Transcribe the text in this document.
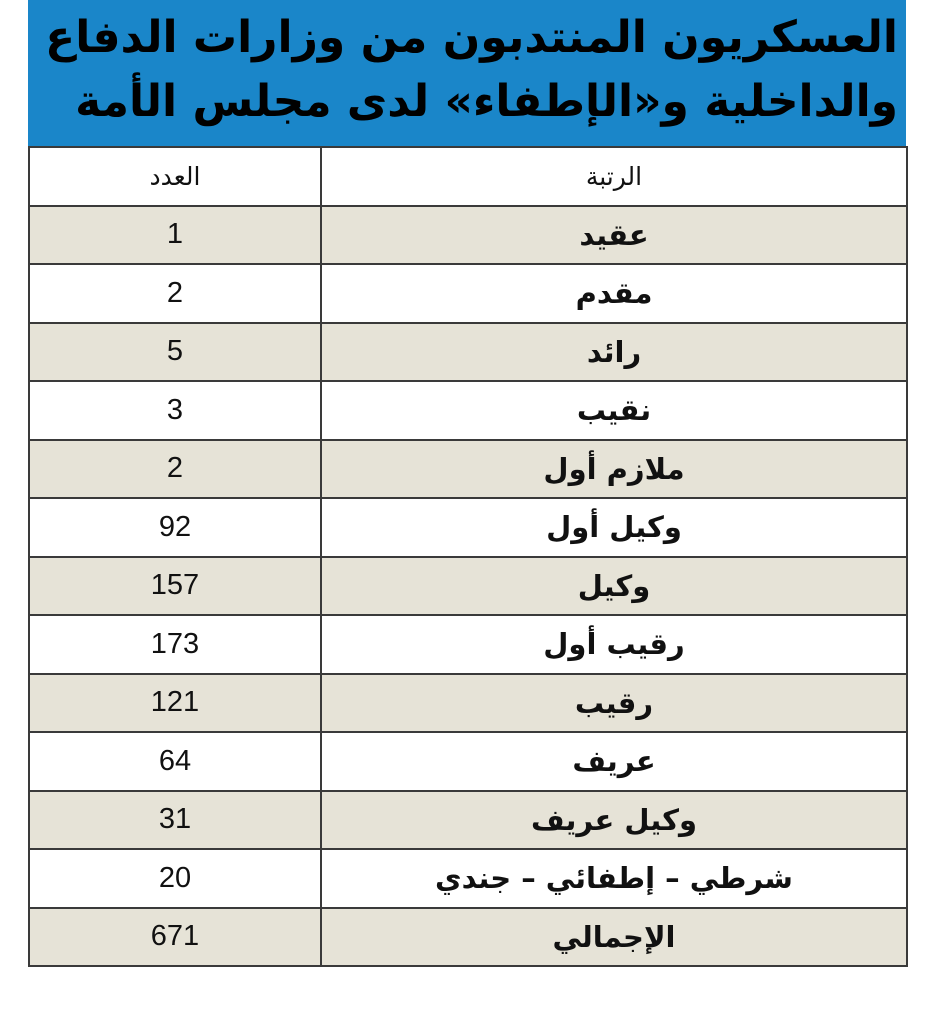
العسكريون المنتدبون من وزارات الدفاع
والداخلية و«الإطفاء» لدى مجلس الأمة
الرتبة	العدد
عقيد	1
مقدم	2
رائد	5
نقيب	3
ملازم أول	2
وكيل أول	92
وكيل	157
رقيب أول	173
رقيب	121
عريف	64
وكيل عريف	31
شرطي – إطفائي – جندي	20
الإجمالي	671
